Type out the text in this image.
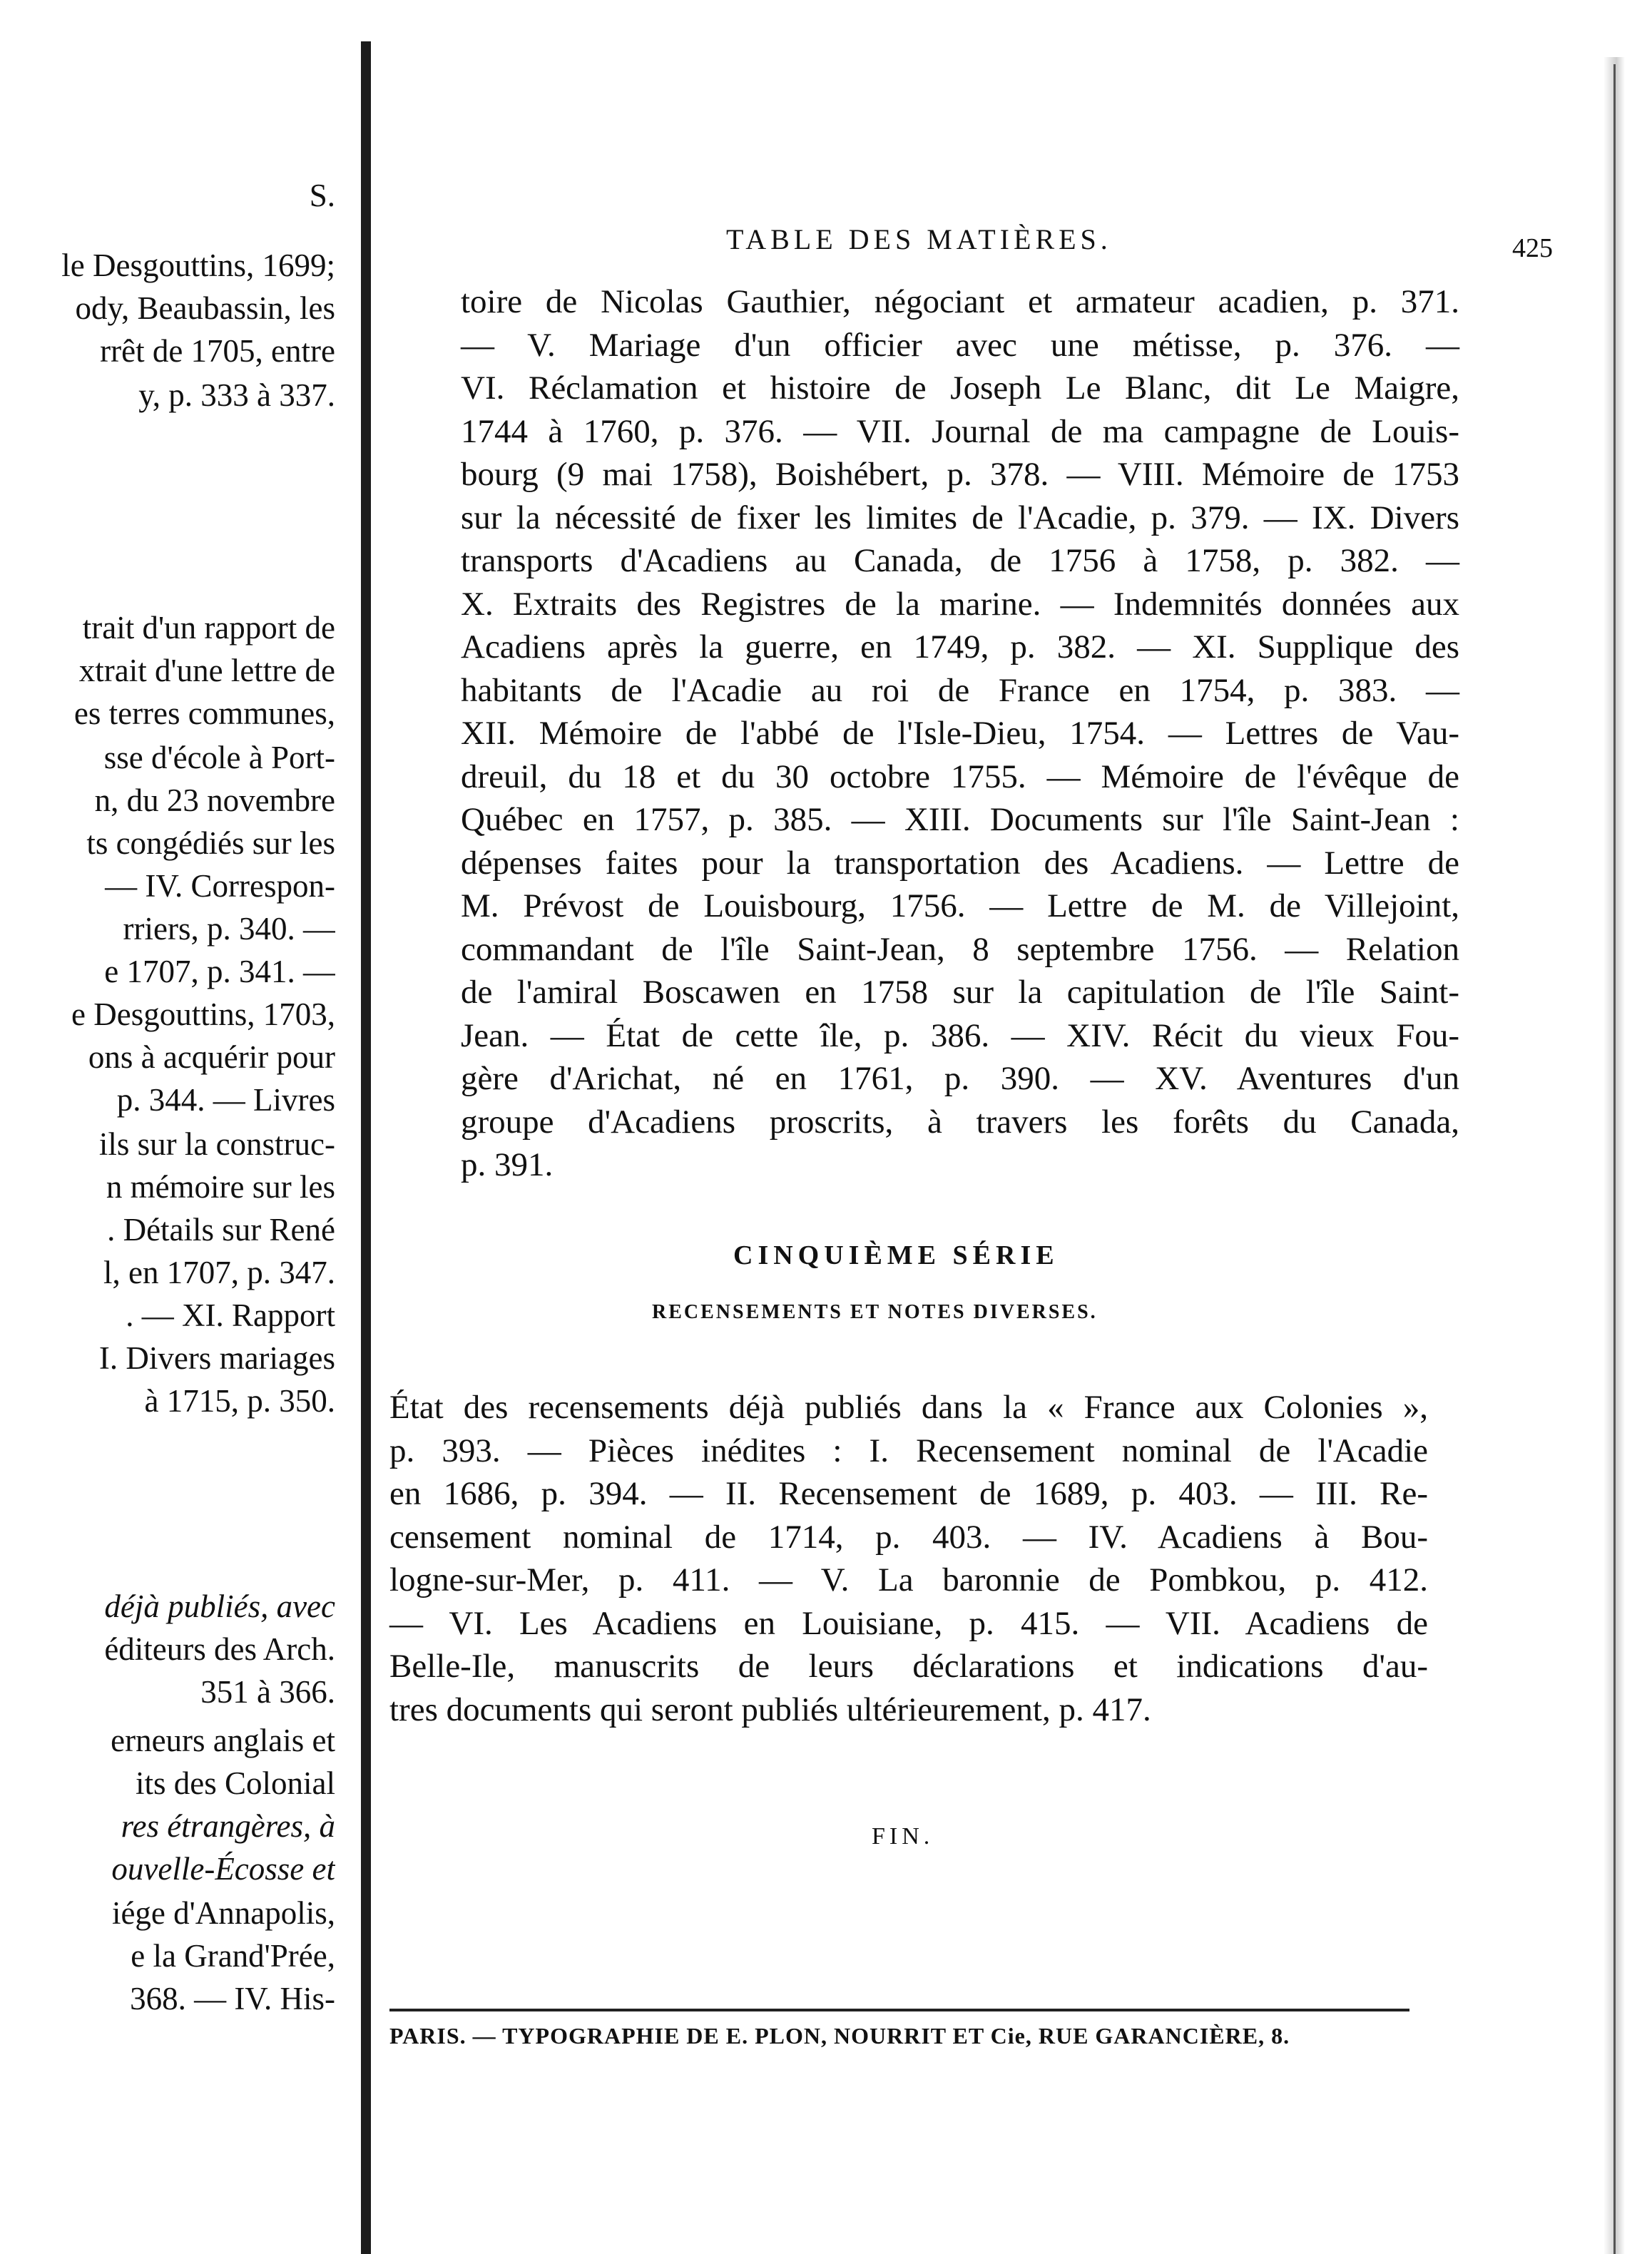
S.
le Desgouttins, 1699;
ody, Beaubassin, les
rrêt de 1705, entre
y, p. 333 à 337.
trait d'un rapport de
xtrait d'une lettre de
es terres communes,
sse d'école à Port-
n, du 23 novembre
ts congédiés sur les
— IV. Correspon-
rriers, p. 340. —
e 1707, p. 341. —
e Desgouttins, 1703,
ons à acquérir pour
p. 344. — Livres
ils sur la construc-
n mémoire sur les
. Détails sur René
l, en 1707, p. 347.
. — XI. Rapport
I. Divers mariages
à 1715, p. 350.
déjà publiés, avec
éditeurs des Arch.
351 à 366.
erneurs anglais et
its des Colonial
res étrangères, à
ouvelle-Écosse et
iége d'Annapolis,
e la Grand'Prée,
368. — IV. His-
TABLE DES MATIÈRES.	425
toire de Nicolas Gauthier, négociant et armateur acadien, p. 371.
— V. Mariage d'un officier avec une métisse, p. 376. —
VI. Réclamation et histoire de Joseph Le Blanc, dit Le Maigre,
1744 à 1760, p. 376. — VII. Journal de ma campagne de Louis-
bourg (9 mai 1758), Boishébert, p. 378. — VIII. Mémoire de 1753
sur la nécessité de fixer les limites de l'Acadie, p. 379. — IX. Divers
transports d'Acadiens au Canada, de 1756 à 1758, p. 382. —
X. Extraits des Registres de la marine. — Indemnités données aux
Acadiens après la guerre, en 1749, p. 382. — XI. Supplique des
habitants de l'Acadie au roi de France en 1754, p. 383. —
XII. Mémoire de l'abbé de l'Isle-Dieu, 1754. — Lettres de Vau-
dreuil, du 18 et du 30 octobre 1755. — Mémoire de l'évêque de
Québec en 1757, p. 385. — XIII. Documents sur l'île Saint-Jean :
dépenses faites pour la transportation des Acadiens. — Lettre de
M. Prévost de Louisbourg, 1756. — Lettre de M. de Villejoint,
commandant de l'île Saint-Jean, 8 septembre 1756. — Relation
de l'amiral Boscawen en 1758 sur la capitulation de l'île Saint-
Jean. — État de cette île, p. 386. — XIV. Récit du vieux Fou-
gère d'Arichat, né en 1761, p. 390. — XV. Aventures d'un
groupe d'Acadiens proscrits, à travers les forêts du Canada,
p. 391.
CINQUIÈME SÉRIE
RECENSEMENTS ET NOTES DIVERSES.
État des recensements déjà publiés dans la « France aux Colonies »,
p. 393. — Pièces inédites : I. Recensement nominal de l'Acadie
en 1686, p. 394. — II. Recensement de 1689, p. 403. — III. Re-
censement nominal de 1714, p. 403. — IV. Acadiens à Bou-
logne-sur-Mer, p. 411. — V. La baronnie de Pombkou, p. 412.
— VI. Les Acadiens en Louisiane, p. 415. — VII. Acadiens de
Belle-Ile, manuscrits de leurs déclarations et indications d'au-
tres documents qui seront publiés ultérieurement, p. 417.
FIN.
PARIS. — TYPOGRAPHIE DE E. PLON, NOURRIT ET Cie, RUE GARANCIÈRE, 8.
